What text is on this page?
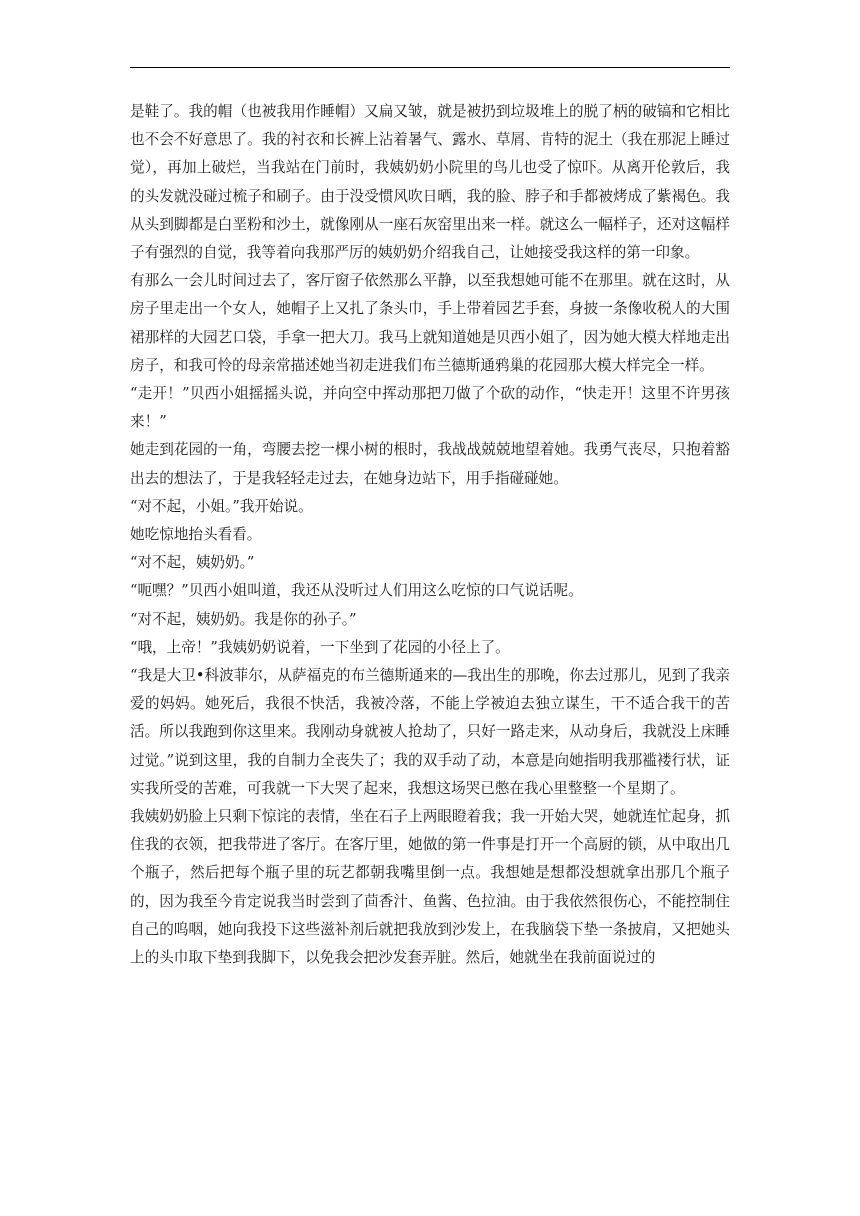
是鞋了。我的帽（也被我用作睡帽）又扁又皱，就是被扔到垃圾堆上的脱了柄的破镐和它相比也不会不好意思了。我的衬衣和长裤上沾着暑气、露水、草屑、肯特的泥土（我在那泥上睡过觉），再加上破烂，当我站在门前时，我姨奶奶小院里的鸟儿也受了惊吓。从离开伦敦后，我的头发就没碰过梳子和刷子。由于没受惯风吹日晒，我的脸、脖子和手都被烤成了紫褐色。我从头到脚都是白垩粉和沙土，就像刚从一座石灰窑里出来一样。就这么一幅样子，还对这幅样子有强烈的自觉，我等着向我那严厉的姨奶奶介绍我自己，让她接受我这样的第一印象。

有那么一会儿时间过去了，客厅窗子依然那么平静，以至我想她可能不在那里。就在这时，从房子里走出一个女人，她帽子上又扎了条头巾，手上带着园艺手套，身披一条像收税人的大围裙那样的大园艺口袋，手拿一把大刀。我马上就知道她是贝西小姐了，因为她大模大样地走出房子，和我可怜的母亲常描述她当初走进我们布兰德斯通鸦巢的花园那大模大样完全一样。

“走开！”贝西小姐摇摇头说，并向空中挥动那把刀做了个砍的动作，“快走开！这里不许男孩来！”

她走到花园的一角，弯腰去挖一棵小树的根时，我战战兢兢地望着她。我勇气丧尽，只抱着豁出去的想法了，于是我轻轻走过去，在她身边站下，用手指碰碰她。

“对不起，小姐。”我开始说。

她吃惊地抬头看看。

“对不起，姨奶奶。”

“呃嘿？”贝西小姐叫道，我还从没听过人们用这么吃惊的口气说话呢。

“对不起，姨奶奶。我是你的孙子。”

“哦，上帝！”我姨奶奶说着，一下坐到了花园的小径上了。

“我是大卫•科波菲尔，从萨福克的布兰德斯通来的—我出生的那晚，你去过那儿，见到了我亲爱的妈妈。她死后，我很不快活，我被冷落，不能上学被迫去独立谋生，干不适合我干的苦活。所以我跑到你这里来。我刚动身就被人抢劫了，只好一路走来，从动身后，我就没上床睡过觉。”说到这里，我的自制力全丧失了；我的双手动了动，本意是向她指明我那褴褛行状，证实我所受的苦难，可我就一下大哭了起来，我想这场哭已憋在我心里整整一个星期了。

我姨奶奶脸上只剩下惊诧的表情，坐在石子上两眼瞪着我；我一开始大哭，她就连忙起身，抓住我的衣领，把我带进了客厅。在客厅里，她做的第一件事是打开一个高厨的锁，从中取出几个瓶子，然后把每个瓶子里的玩艺都朝我嘴里倒一点。我想她是想都没想就拿出那几个瓶子的，因为我至今肯定说我当时尝到了茴香汁、鱼酱、色拉油。由于我依然很伤心，不能控制住自己的呜咽，她向我投下这些滋补剂后就把我放到沙发上，在我脑袋下垫一条披肩，又把她头上的头巾取下垫到我脚下，以免我会把沙发套弄脏。然后，她就坐在我前面说过的
